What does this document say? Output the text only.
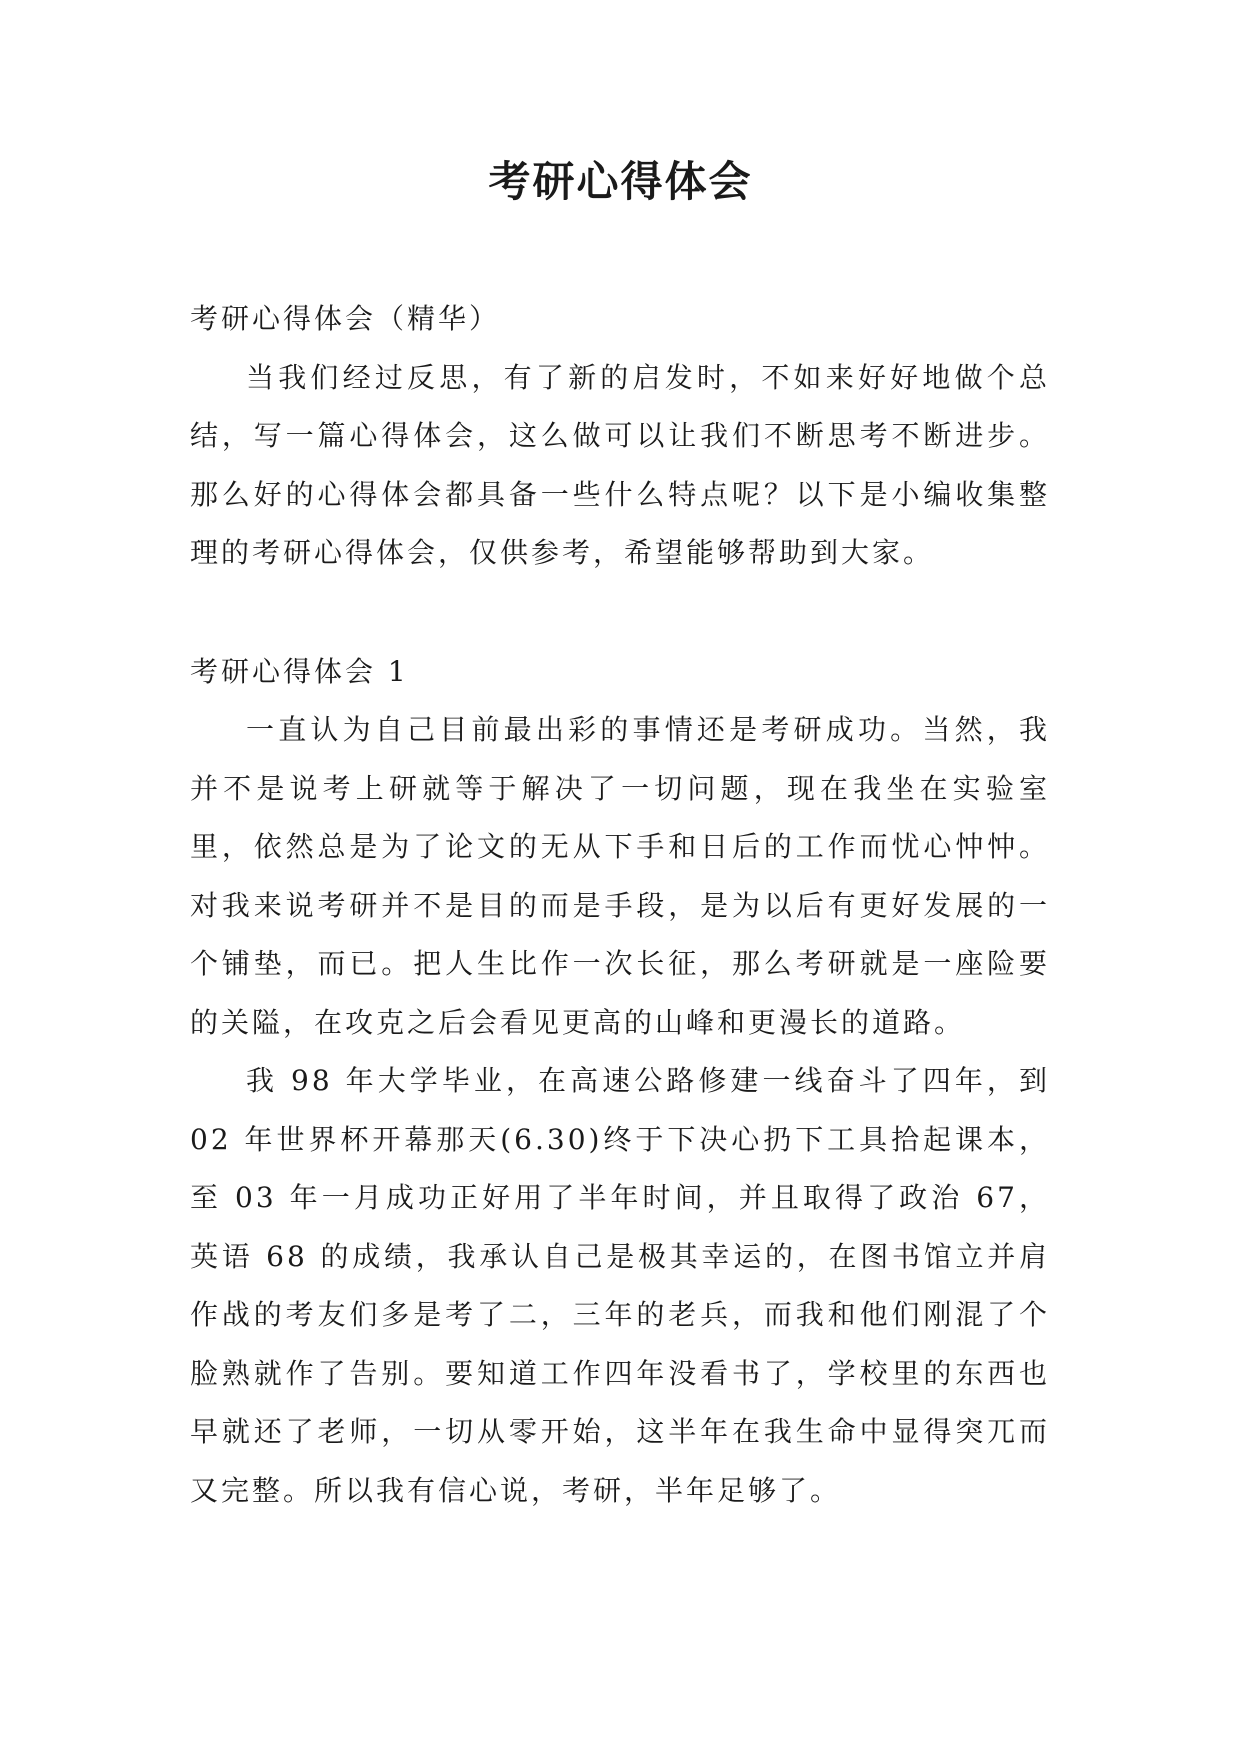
考研心得体会

考研心得体会（精华）

当我们经过反思，有了新的启发时，不如来好好地做个总结，写一篇心得体会，这么做可以让我们不断思考不断进步。那么好的心得体会都具备一些什么特点呢？以下是小编收集整理的考研心得体会，仅供参考，希望能够帮助到大家。

考研心得体会 1

一直认为自己目前最出彩的事情还是考研成功。当然，我并不是说考上研就等于解决了一切问题，现在我坐在实验室里，依然总是为了论文的无从下手和日后的工作而忧心忡忡。对我来说考研并不是目的而是手段，是为以后有更好发展的一个铺垫，而已。把人生比作一次长征，那么考研就是一座险要的关隘，在攻克之后会看见更高的山峰和更漫长的道路。

我 98 年大学毕业，在高速公路修建一线奋斗了四年，到 02 年世界杯开幕那天(6.30)终于下决心扔下工具拾起课本，至 03 年一月成功正好用了半年时间，并且取得了政治 67，英语 68 的成绩，我承认自己是极其幸运的，在图书馆立并肩作战的考友们多是考了二，三年的老兵，而我和他们刚混了个脸熟就作了告别。要知道工作四年没看书了，学校里的东西也早就还了老师，一切从零开始，这半年在我生命中显得突兀而又完整。所以我有信心说，考研，半年足够了。
